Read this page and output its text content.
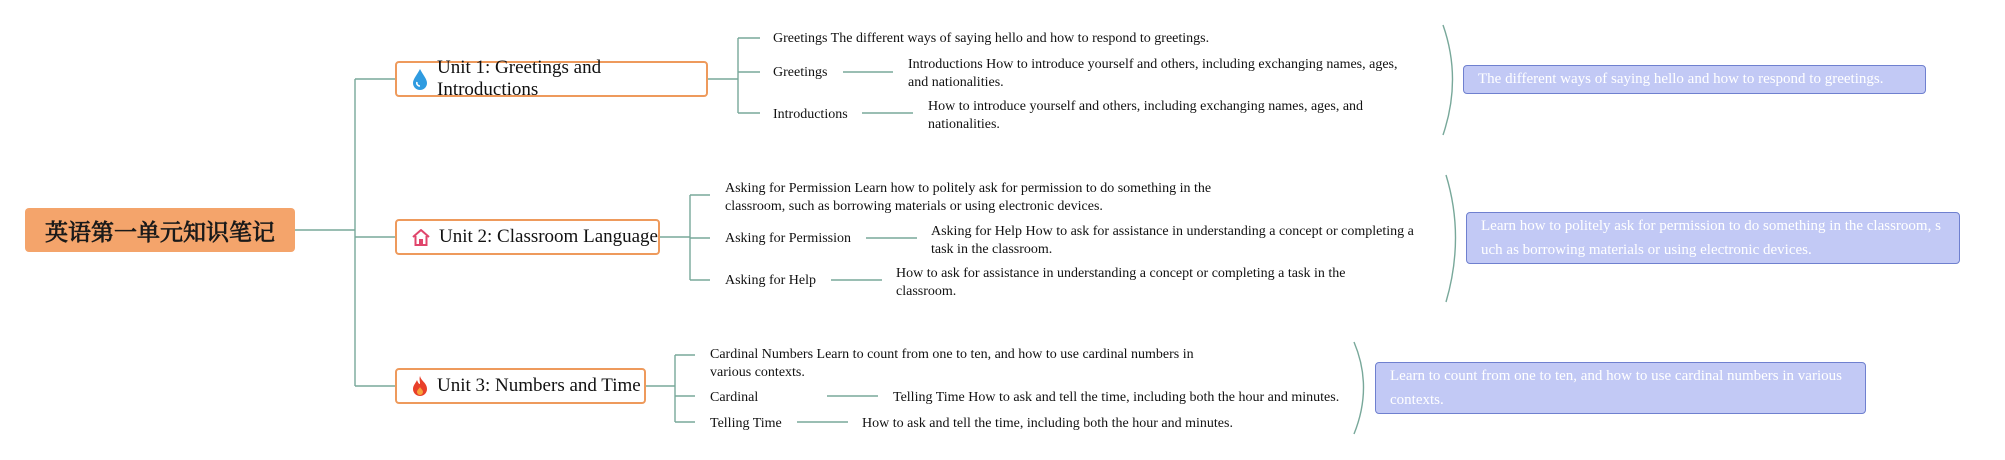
英语第一单元知识笔记
Unit 1: Greetings and Introductions
Greetings The different ways of saying hello and how to respond to greetings.
Greetings
Introductions How to introduce yourself and others, including exchanging names, ages, and nationalities.
Introductions
How to introduce yourself and others, including exchanging names, ages, and nationalities.
The different ways of saying hello and how to respond to greetings.
Unit 2: Classroom Language
Asking for Permission Learn how to politely ask for permission to do something in the classroom, such as borrowing materials or using electronic devices.
Asking for Permission	Asking for Help How to ask for assistance in understanding a concept or completing a task in the classroom.
Asking for Help	How to ask for assistance in understanding a concept or completing a task in the classroom.
Learn how to politely ask for permission to do something in the classroom, such as borrowing materials or using electronic devices.
Unit 3: Numbers and Time
Cardinal Numbers Learn to count from one to ten, and how to use cardinal numbers in various contexts.
Cardinal	Telling Time How to ask and tell the time, including both the hour and minutes.
Telling Time	How to ask and tell the time, including both the hour and minutes.
Learn to count from one to ten, and how to use cardinal numbers in various contexts.
